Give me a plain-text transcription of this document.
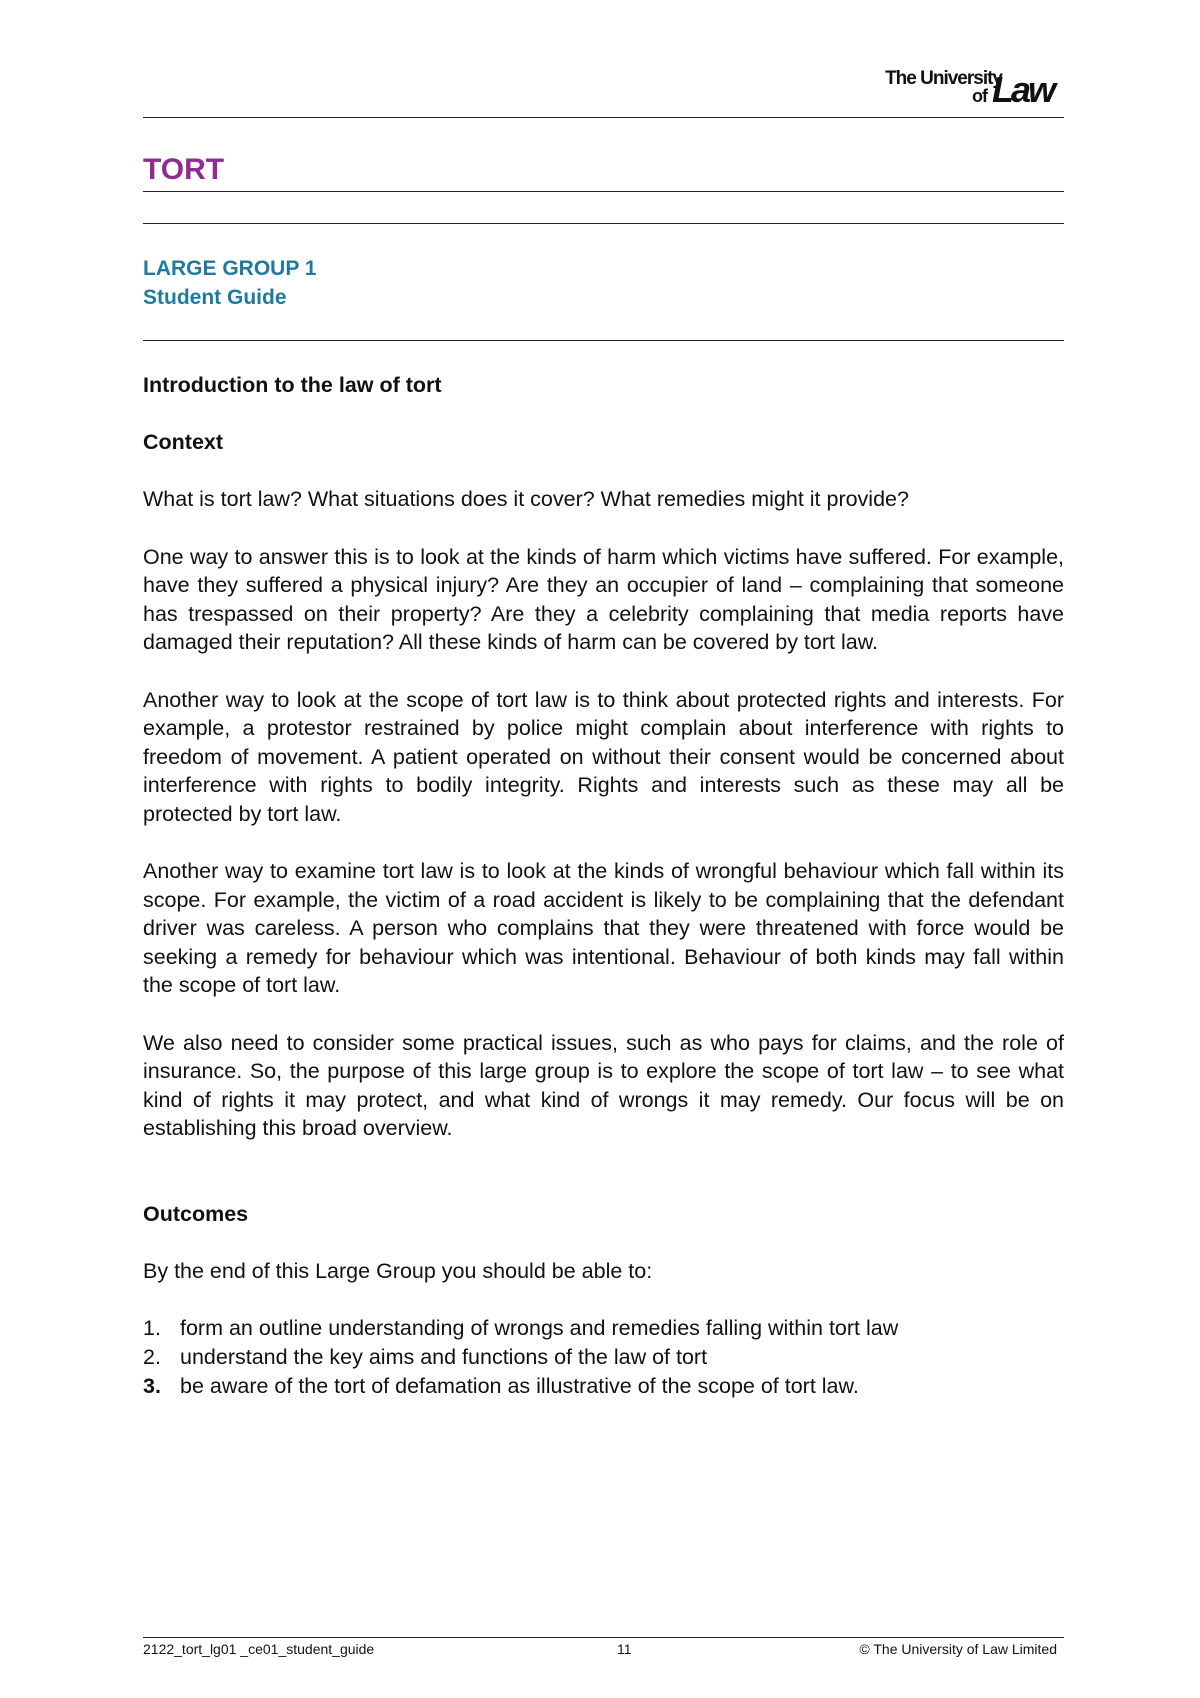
The University
of Law
TORT
LARGE GROUP 1
Student Guide
Introduction to the law of tort
Context

What is tort law? What situations does it cover? What remedies might it provide?

One way to answer this is to look at the kinds of harm which victims have suffered. For example, have they suffered a physical injury? Are they an occupier of land – complaining that someone has trespassed on their property? Are they a celebrity complaining that media reports have damaged their reputation? All these kinds of harm can be covered by tort law.

Another way to look at the scope of tort law is to think about protected rights and interests. For example, a protestor restrained by police might complain about interference with rights to freedom of movement. A patient operated on without their consent would be concerned about interference with rights to bodily integrity. Rights and interests such as these may all be protected by tort law.

Another way to examine tort law is to look at the kinds of wrongful behaviour which fall within its scope. For example, the victim of a road accident is likely to be complaining that the defendant driver was careless. A person who complains that they were threatened with force would be seeking a remedy for behaviour which was intentional. Behaviour of both kinds may fall within the scope of tort law.

We also need to consider some practical issues, such as who pays for claims, and the role of insurance. So, the purpose of this large group is to explore the scope of tort law – to see what kind of rights it may protect, and what kind of wrongs it may remedy. Our focus will be on establishing this broad overview.

Outcomes

By the end of this Large Group you should be able to:

1. form an outline understanding of wrongs and remedies falling within tort law
2. understand the key aims and functions of the law of tort
3. be aware of the tort of defamation as illustrative of the scope of tort law.
2122_tort_lg01 _ce01_student_guide	11	© The University of Law Limited
